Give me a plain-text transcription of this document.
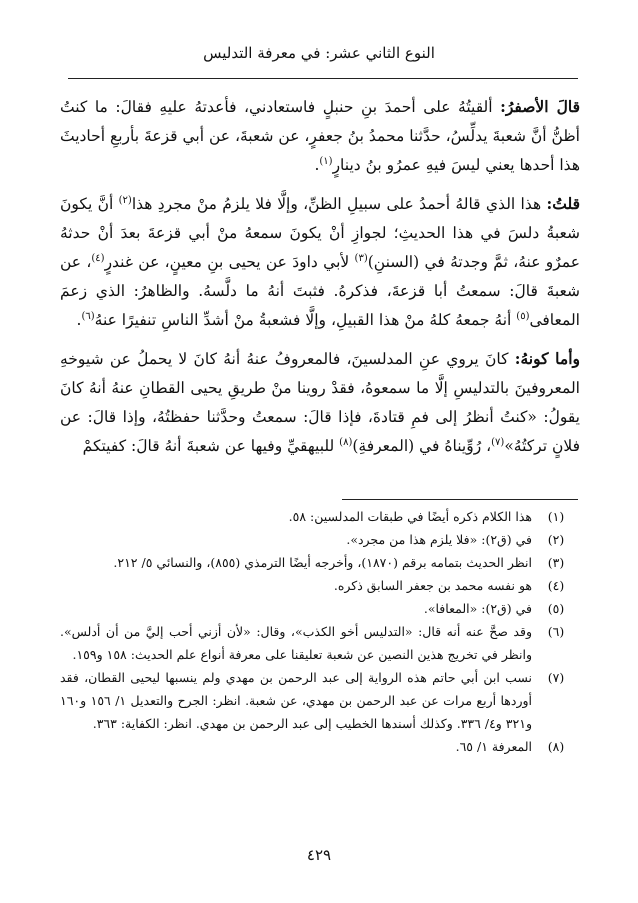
النوع الثاني عشر: في معرفة التدليس

قالَ الأصفرُ: ألقيتُهُ على أحمدَ بنِ حنبلٍ فاستعادني، فأعدتهُ عليهِ فقالَ: ما كنتُ أظنُّ أنَّ شعبةَ يدلِّسُ، حدَّثنا محمدُ بنُ جعفرٍ، عن شعبةَ، عن أبي قزعةَ بأربعِ أحاديثَ هذا أحدها يعني ليسَ فيهِ عمرُو بنُ دينارٍ$^{(١)}$.

قلتُ: هذا الذي قالهُ أحمدُ على سبيلِ الظنِّ، وإلَّا فلا يلزمُ منْ مجردِ هذا$^{(٢)}$ أنَّ يكونَ شعبةُ دلسَ في هذا الحديثِ؛ لجوازِ أنْ يكونَ سمعهُ منْ أبي قزعةَ بعدَ أنْ حدثهُ عمرٌو عنهُ، ثمَّ وجدتهُ في (السننِ)$^{(٣)}$ لأبي داودَ عن يحيى بنِ معينٍ، عن غندرٍ$^{(٤)}$، عن شعبةَ قالَ: سمعتُ أبا قزعةَ، فذكرهُ. فثبتَ أنهُ ما دلَّسهُ. والظاهرُ: الذي زعمَ المعافى$^{(٥)}$ أنهُ جمعهُ كلهُ منْ هذا القبيلِ، وإلَّا فشعبةُ منْ أشدِّ الناسِ تنفيرًا عنهُ$^{(٦)}$.

وأما كونهُ: كانَ يروي عنِ المدلسينَ، فالمعروفُ عنهُ أنهُ كانَ لا يحملُ عن شيوخهِ المعروفينَ بالتدليسِ إلَّا ما سمعوهُ، فقدْ روينا منْ طريقِ يحيى القطانِ عنهُ أنهُ كانَ يقولُ: «كنتُ أنظرُ إلى فمِ قتادةَ، فإذا قالَ: سمعتُ وحدَّثنا حفظتُهُ، وإذا قالَ: عن فلانٍ تركتُهُ»$^{(٧)}$، رُوِّيناهُ في (المعرفةِ)$^{(٨)}$ للبيهقيِّ وفيها عن شعبةَ أنهُ قالَ: كفيتكمْ

(١)
هذا الكلام ذكره أيضًا في طبقات المدلسين: ٥٨.
(٢)
في (ق٢): «فلا يلزم هذا من مجرد».
(٣)
انظر الحديث بتمامه برقم (١٨٧٠)، وأخرجه أيضًا الترمذي (٨٥٥)، والنسائي ٥/ ٢١٢.
(٤)
هو نفسه محمد بن جعفر السابق ذكره.
(٥)
في (ق٢): «المعافا».
(٦)
وقد صحَّ عنه أنه قال: «التدليس أخو الكذب»، وقال: «لأن أزني أحب إليَّ من أن أدلس». وانظر في تخريج هذين النصين عن شعبة تعليقنا على معرفة أنواع علم الحديث: ١٥٨ و١٥٩.
(٧)
نسب ابن أبي حاتم هذه الرواية إلى عبد الرحمن بن مهدي ولم ينسبها ليحيى القطان، فقد أوردها أربع مرات عن عبد الرحمن بن مهدي، عن شعبة. انظر: الجرح والتعديل ١/ ١٥٦ و١٦٠ و٣٢١ و٤/ ٣٣٦. وكذلك أسندها الخطيب إلى عبد الرحمن بن مهدي. انظر: الكفاية: ٣٦٣.
(٨)
المعرفة ١/ ٦٥.
٤٢٩
